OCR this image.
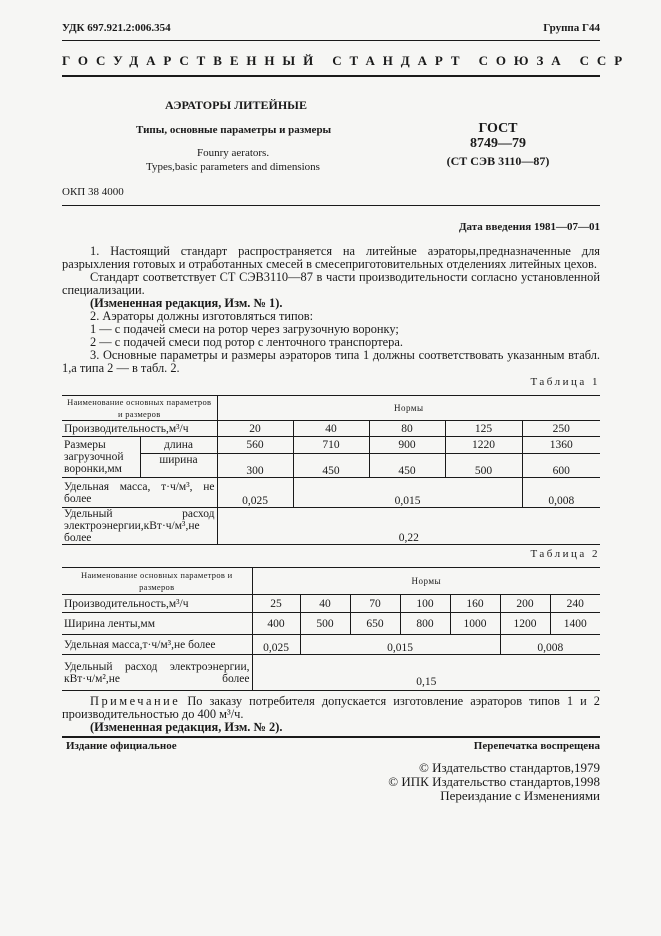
УДК 697.921.2:006.354	Группа Г44
ГОСУДАРСТВЕННЫЙ СТАНДАРТ СОЮЗА ССР
АЭРАТОРЫ ЛИТЕЙНЫЕ
Типы, основные параметры и размеры
Founry aerators.
Types,basic parameters and dimensions
ГОСТ
8749—79
(СТ СЭВ 3110—87)
ОКП 38 4000
Дата введения 1981—07—01
1. Настоящий стандарт распространяется на литейные аэраторы,предназначенные для разрыхления готовых и отработанных смесей в смесеприготовительных отделениях литейных цехов.
Стандарт соответствует СТ СЭВ3110—87 в части производительности согласно установленной специализации.
(Измененная редакция, Изм. № 1).
2. Аэраторы должны изготовляться типов:
1 — с подачей смеси на ротор через загрузочную воронку;
2 — с подачей смеси под ротор с ленточного транспортера.
3. Основные параметры и размеры аэраторов типа 1 должны соответствовать указанным втабл. 1,а типа 2 — в табл. 2.
Таблица 1
Наименование основных параметров и размеров		Нормы				
Производительность,м³/ч		20	40	80	125	250
Размеры загрузочной воронки,мм	длина	560	710	900	1220	1360
	ширина	300	450	450	500	600
Удельная масса, т·ч/м³, не более		0,025	0,015			0,008
Удельный расход электроэнергии,кВт·ч/м³,не более		0,22				
Таблица 2
Наименование основных параметров и размеров	Нормы						
Производительность,м³/ч	25	40	70	100	160	200	240
Ширина ленты,мм	400	500	650	800	1000	1200	1400
Удельная масса,т·ч/м³,не более	0,025	0,015				0,008	
Удельный расход электроэнергии, кВт·ч/м²,не более	0,15						
Примечание По заказу потребителя допускается изготовление аэраторов типов 1 и 2 производительностью до 400 м³/ч.
(Измененная редакция, Изм. № 2).
Издание официальное	Перепечатка воспрещена
© Издательство стандартов,1979
© ИПК Издательство стандартов,1998
Переиздание с Изменениями
